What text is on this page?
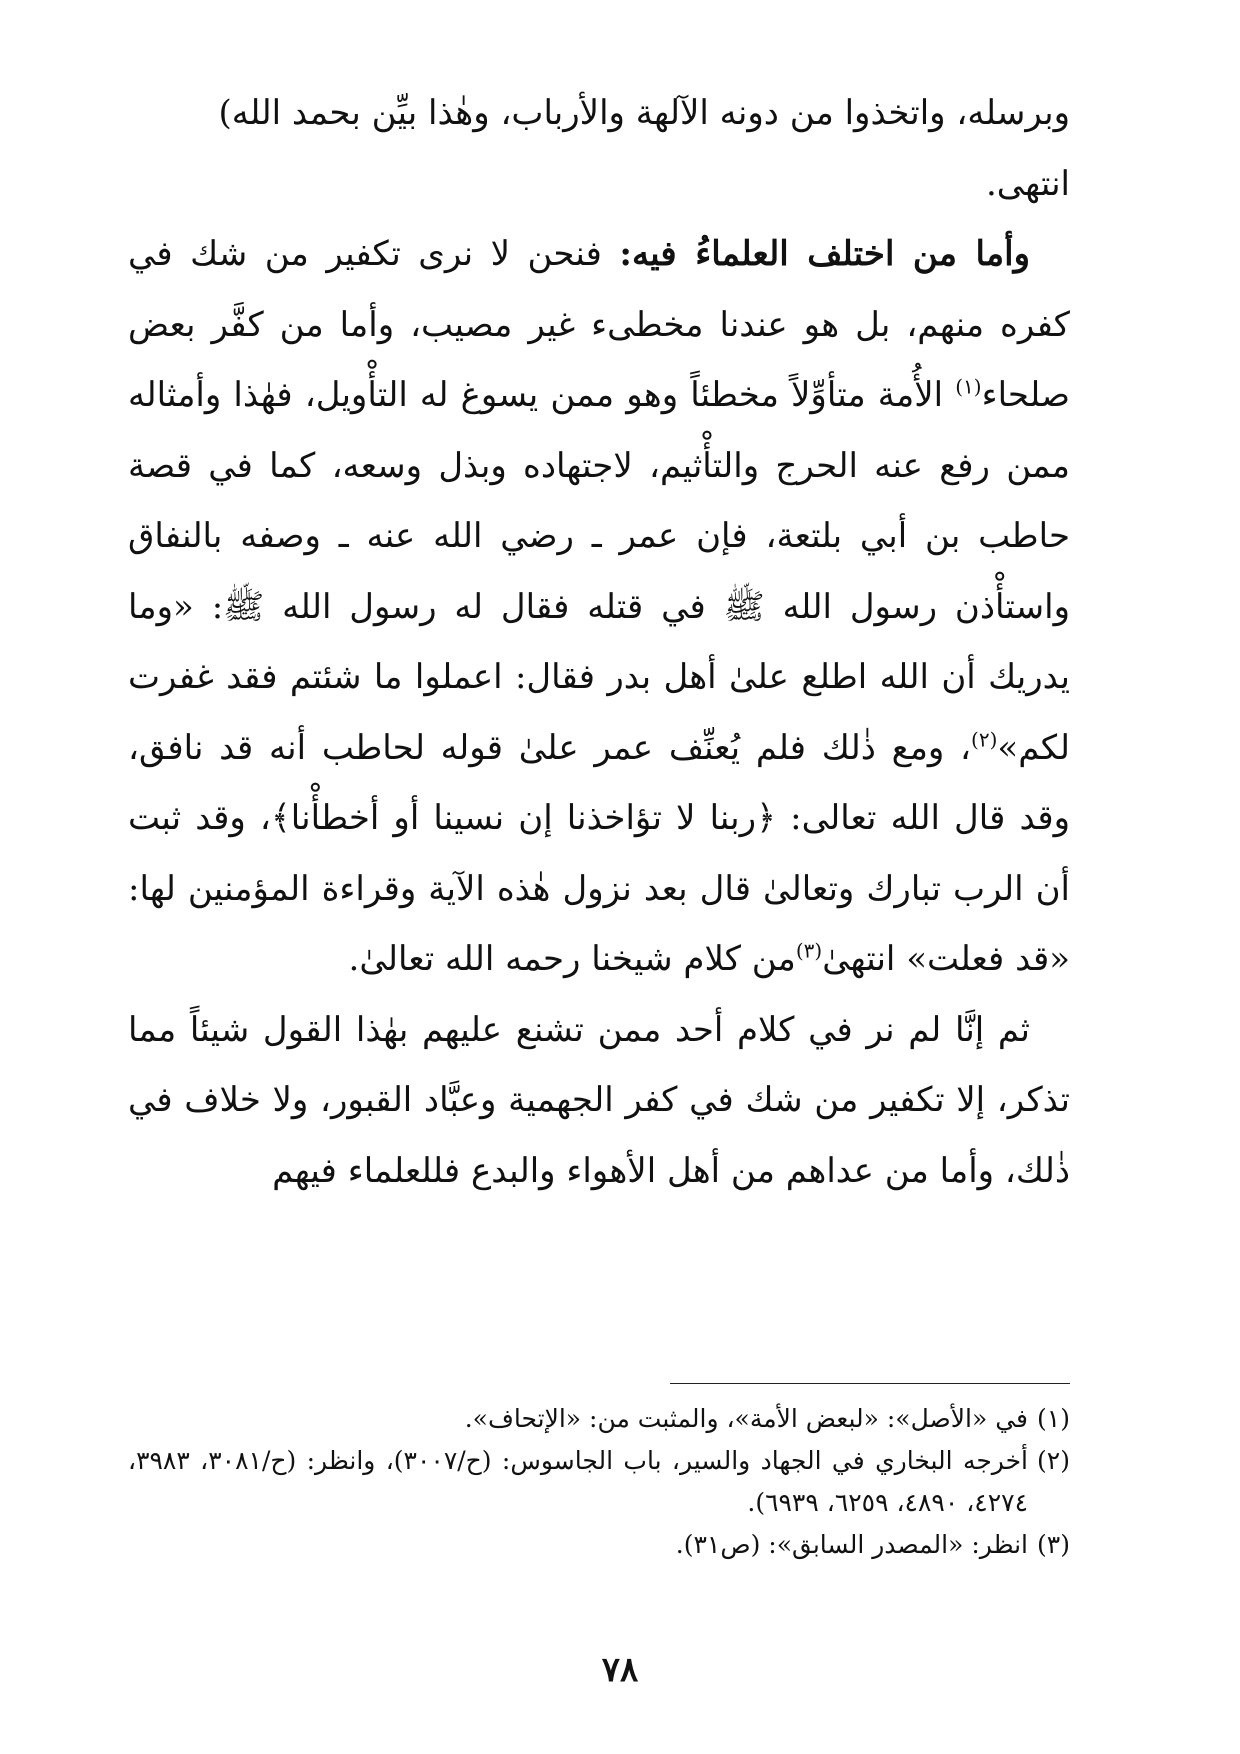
وبرسله، واتخذوا من دونه الآلهة والأرباب، وهٰذا بيِّن بحمد الله)
انتهى.

وأما من اختلف العلماءُ فيه: فنحن لا نرى تكفير من شك في كفره منهم، بل هو عندنا مخطىء غير مصيب، وأما من كفَّر بعض صلحاء$^{(١)}$ الأُمة متأوِّلاً مخطئاً وهو ممن يسوغ له التأْويل، فهٰذا وأمثاله ممن رفع عنه الحرج والتأْثيم، لاجتهاده وبذل وسعه، كما في قصة حاطب بن أبي بلتعة، فإن عمر ـ رضي الله عنه ـ وصفه بالنفاق واستأْذن رسول الله ﷺ في قتله فقال له رسول الله ﷺ: «وما يدريك أن الله اطلع علىٰ أهل بدر فقال: اعملوا ما شئتم فقد غفرت لكم»$^{(٢)}$، ومع ذٰلك فلم يُعنِّف عمر علىٰ قوله لحاطب أنه قد نافق، وقد قال الله تعالى: ﴿ربنا لا تؤاخذنا إن نسينا أو أخطأْنا﴾، وقد ثبت أن الرب تبارك وتعالىٰ قال بعد نزول هٰذه الآية وقراءة المؤمنين لها: «قد فعلت» انتهىٰ$^{(٣)}$من كلام شيخنا رحمه الله تعالىٰ.

ثم إنَّا لم نر في كلام أحد ممن تشنع عليهم بهٰذا القول شيئاً مما تذكر، إلا تكفير من شك في كفر الجهمية وعبَّاد القبور، ولا خلاف في ذٰلك، وأما من عداهم من أهل الأهواء والبدع فللعلماء فيهم

(١)
في «الأصل»: «لبعض الأمة»، والمثبت من: «الإتحاف».
(٢)
أخرجه البخاري في الجهاد والسير، باب الجاسوس: (ح/٣٠٠٧)، وانظر: (ح/٣٠٨١، ٣٩٨٣، ٤٢٧٤، ٤٨٩٠، ٦٢٥٩، ٦٩٣٩).
(٣)
انظر: «المصدر السابق»: (ص٣١).
٧٨
